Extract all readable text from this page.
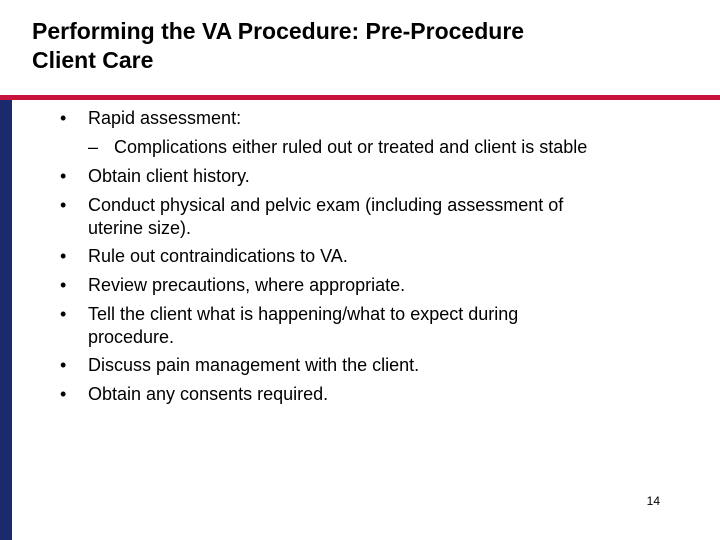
Performing the VA Procedure: Pre-Procedure
Client Care
•	Rapid assessment:
– Complications either ruled out or treated and client is stable
•	Obtain client history.
•	Conduct physical and pelvic exam (including assessment of
uterine size).
•	Rule out contraindications to VA.
•	Review precautions, where appropriate.
•	Tell the client what is happening/what to expect during
procedure.
•	Discuss pain management with the client.
•	Obtain any consents required.
14
